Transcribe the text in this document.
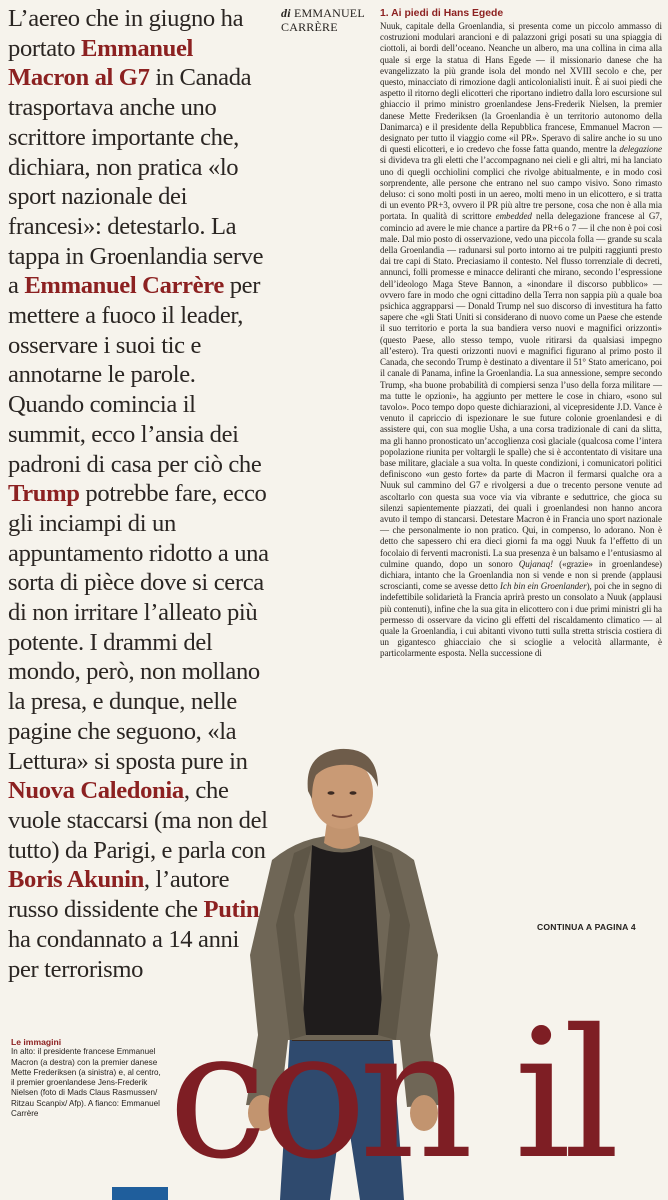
L’aereo che in giugno ha portato Emmanuel Macron al G7 in Canada trasportava anche uno scrittore importante che, dichiara, non pratica «lo sport nazionale dei francesi»: detestarlo. La tappa in Groenlandia serve a Emmanuel Carrère per mettere a fuoco il leader, osservare i suoi tic e annotarne le parole. Quando comincia il summit, ecco l’ansia dei padroni di casa per ciò che Trump potrebbe fare, ecco gli inciampi di un appuntamento ridotto a una sorta di pièce dove si cerca di non irritare l’alleato più potente. I drammi del mondo, però, non mollano la presa, e dunque, nelle pagine che seguono, «la Lettura» si sposta pure in Nuova Caledonia, che vuole staccarsi (ma non del tutto) da Parigi, e parla con Boris Akunin, l’autore russo dissidente che Putin ha condannato a 14 anni per terrorismo

di EMMANUEL CARRÈRE
1. Ai piedi di Hans Egede

Nuuk, capitale della Groenlandia, si presenta come un piccolo ammasso di costruzioni modulari arancioni e di palazzoni grigi posati su una spiaggia di ciottoli, ai bordi dell’oceano. Neanche un albero, ma una collina in cima alla quale si erge la statua di Hans Egede — il missionario danese che ha evangelizzato la più grande isola del mondo nel XVIII secolo e che, per questo, minacciato di rimozione dagli anticolonialisti inuit. È ai suoi piedi che aspetto il ritorno degli elicotteri che riportano indietro dalla loro escursione sul ghiaccio il primo ministro groenlandese Jens-Frederik Nielsen, la premier danese Mette Frederiksen (la Groenlandia è un territorio autonomo della Danimarca) e il presidente della Repubblica francese, Emmanuel Macron — designato per tutto il viaggio come «il PR». Speravo di salire anche io su uno di questi elicotteri, e io credevo che fosse fatta quando, mentre la delegazione si divideva tra gli eletti che l’accompagnano nei cieli e gli altri, mi ha lanciato uno di quegli occhiolini complici che rivolge abitualmente, e in modo così sorprendente, alle persone che entrano nel suo campo visivo. Sono rimasto deluso: ci sono molti posti in un aereo, molti meno in un elicottero, e si tratta di un evento PR+3, ovvero il PR più altre tre persone, cosa che non è alla mia portata. In qualità di scrittore embedded nella delegazione francese al G7, comincio ad avere le mie chance a partire da PR+6 o 7 — il che non è poi così male. Dal mio posto di osservazione, vedo una piccola folla — grande su scala della Groenlandia — radunarsi sul porto intorno ai tre pulpiti raggiunti presto dai tre capi di Stato. Preciasiamo il contesto. Nel flusso torrenziale di decreti, annunci, folli promesse e minacce deliranti che mirano, secondo l’espressione dell’ideologo Maga Steve Bannon, a «inondare il discorso pubblico» — ovvero fare in modo che ogni cittadino della Terra non sappia più a quale boa psichica aggrapparsi — Donald Trump nel suo discorso di investitura ha fatto sapere che «gli Stati Uniti si considerano di nuovo come un Paese che estende il suo territorio e porta la sua bandiera verso nuovi e magnifici orizzonti» (questo Paese, allo stesso tempo, vuole ritirarsi da qualsiasi impegno all’estero). Tra questi orizzonti nuovi e magnifici figurano al primo posto il Canada, che secondo Trump è destinato a diventare il 51° Stato americano, poi il canale di Panama, infine la Groenlandia. La sua annessione, sempre secondo Trump, «ha buone probabilità di compiersi senza l’uso della forza militare — ma tutte le opzioni», ha aggiunto per mettere le cose in chiaro, «sono sul tavolo». Poco tempo dopo queste dichiarazioni, al vicepresidente J.D. Vance è venuto il capriccio di ispezionare le sue future colonie groenlandesi e di assistere qui, con sua moglie Usha, a una corsa tradizionale di cani da slitta, ma gli hanno pronosticato un’accoglienza così glaciale (qualcosa come l’intera popolazione riunita per voltargli le spalle) che si è accontentato di visitare una base militare, glaciale a sua volta. In queste condizioni, i comunicatori politici definiscono «un gesto forte» da parte di Macron il fermarsi qualche ora a Nuuk sul cammino del G7 e rivolgersi a due o trecento persone venute ad ascoltarlo con questa sua voce via via vibrante e seduttrice, che gioca su silenzi sapientemente piazzati, dei quali i groenlandesi non hanno ancora avuto il tempo di stancarsi. Detestare Macron è in Francia uno sport nazionale — che personalmente io non pratico. Qui, in compenso, lo adorano. Non è detto che sapessero chi era dieci giorni fa ma oggi Nuuk fa l’effetto di un focolaio di ferventi macronisti. La sua presenza è un balsamo e l’entusiasmo al culmine quando, dopo un sonoro Qujanaq! («grazie» in groenlandese) dichiara, intanto che la Groenlandia non si vende e non si prende (applausi scroscianti, come se avesse detto Ich bin ein Groenlander), poi che in segno di indefettibile solidarietà la Francia aprirà presto un consolato a Nuuk (applausi più contenuti), infine che la sua gita in elicottero con i due primi ministri gli ha permesso di osservare da vicino gli effetti del riscaldamento climatico — al quale la Groenlandia, i cui abitanti vivono tutti sulla stretta striscia costiera di un gigantesco ghiacciaio che si scioglie a velocità allarmante, è particolarmente esposta. Nella successione di

CONTINUA A PAGINA 4
con il
Le immagini
In alto: il presidente francese Emmanuel Macron (a destra) con la premier danese Mette Frederiksen (a sinistra) e, al centro, il premier groenlandese Jens-Frederik Nielsen (foto di Mads Claus Rasmussen/ Ritzau Scanpix/ Afp). A fianco: Emmanuel Carrère
